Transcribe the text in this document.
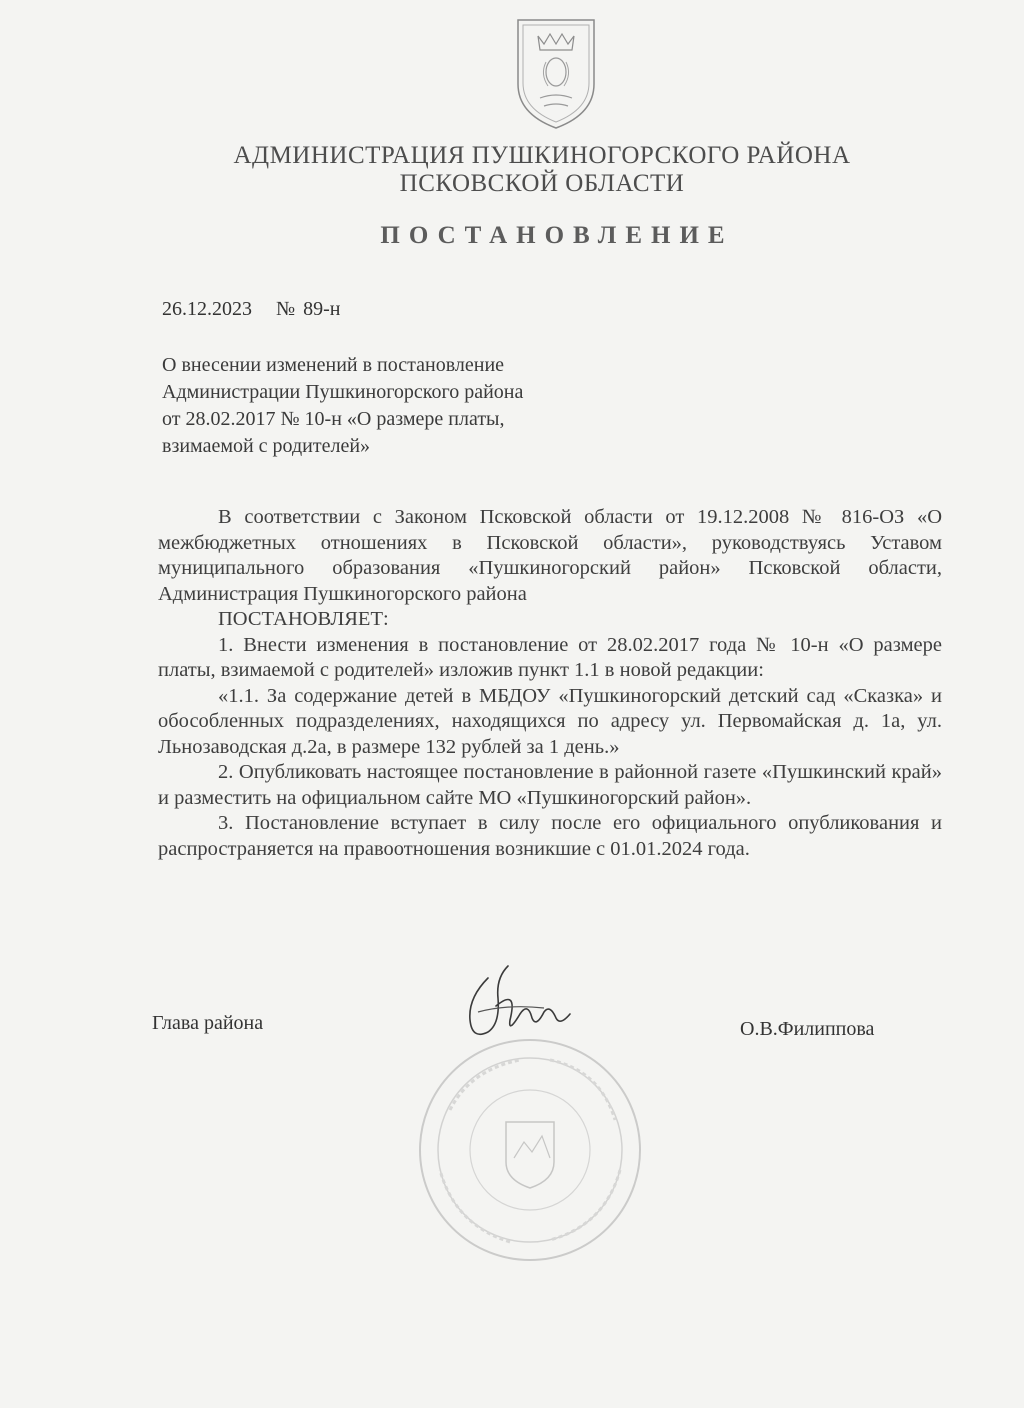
АДМИНИСТРАЦИЯ ПУШКИНОГОРСКОГО РАЙОНА
ПСКОВСКОЙ ОБЛАСТИ
ПОСТАНОВЛЕНИЕ
26.12.2023 № 89-н
О внесении изменений в постановление
Администрации Пушкиногорского района
от 28.02.2017 № 10-н «О размере платы,
взимаемой с родителей»

В соответствии с Законом Псковской области от 19.12.2008 № 816-ОЗ «О межбюджетных отношениях в Псковской области», руководствуясь Уставом муниципального образования «Пушкиногорский район» Псковской области, Администрация Пушкиногорского района

ПОСТАНОВЛЯЕТ:

1. Внести изменения в постановление от 28.02.2017 года № 10-н «О размере платы, взимаемой с родителей» изложив пункт 1.1 в новой редакции:

«1.1. За содержание детей в МБДОУ «Пушкиногорский детский сад «Сказка» и обособленных подразделениях, находящихся по адресу ул. Первомайская д. 1а, ул. Льнозаводская д.2а, в размере 132 рублей за 1 день.»

2. Опубликовать настоящее постановление в районной газете «Пушкинский край» и разместить на официальном сайте МО «Пушкиногорский район».

3. Постановление вступает в силу после его официального опубликования и распространяется на правоотношения возникшие с 01.01.2024 года.

Глава района	О.В.Филиппова
